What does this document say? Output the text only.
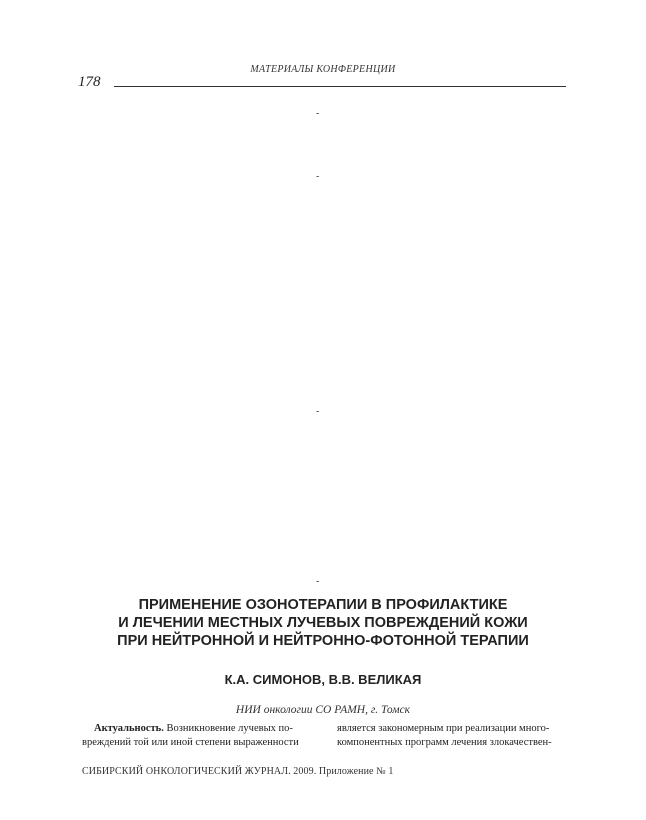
МАТЕРИАЛЫ КОНФЕРЕНЦИИ
178
-
-
-
-
ПРИМЕНЕНИЕ ОЗОНОТЕРАПИИ В ПРОФИЛАКТИКЕ
И ЛЕЧЕНИИ МЕСТНЫХ ЛУЧЕВЫХ ПОВРЕЖДЕНИЙ КОЖИ
ПРИ НЕЙТРОННОЙ И НЕЙТРОННО-ФОТОННОЙ ТЕРАПИИ
К.А. СИМОНОВ, В.В. ВЕЛИКАЯ
НИИ онкологии СО РАМН, г. Томск
Актуальность. Возникновение лучевых по-
вреждений той или иной степени выраженности
является закономерным при реализации много-
компонентных программ лечения злокачествен-
СИБИРСКИЙ ОНКОЛОГИЧЕСКИЙ ЖУРНАЛ. 2009. Приложение № 1
